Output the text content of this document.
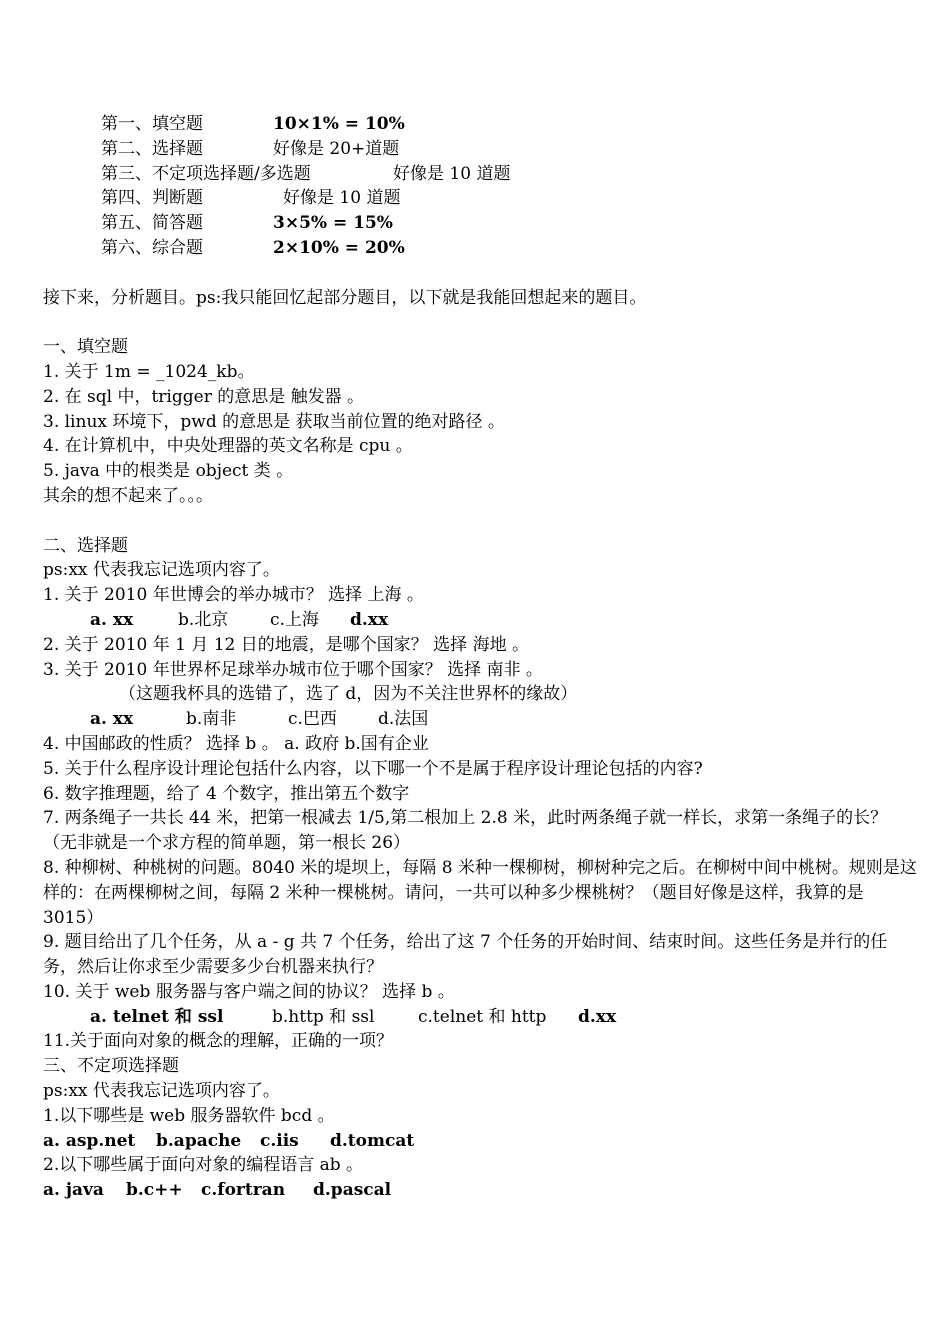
第一、填空题	10×1% = 10%
第二、选择题	好像是 20+道题
第三、不定项选择题/多选题	好像是 10 道题
第四、判断题	好像是 10 道题
第五、简答题	3×5% = 15%
第六、综合题	2×10% = 20%
接下来，分析题目。ps:我只能回忆起部分题目，以下就是我能回想起来的题目。
一、填空题
1. 关于 1m = _1024_kb。
2. 在 sql 中，trigger 的意思是 触发器 。
3. linux 环境下，pwd 的意思是 获取当前位置的绝对路径 。
4. 在计算机中，中央处理器的英文名称是 cpu 。
5. java 中的根类是 object 类 。
其余的想不起来了。。。
二、选择题
ps:xx 代表我忘记选项内容了。
1. 关于 2010 年世博会的举办城市？ 选择 上海 。
a. xx	b.北京 c.上海 d.xx
2. 关于 2010 年 1 月 12 日的地震，是哪个国家？ 选择 海地 。
3. 关于 2010 年世界杯足球举办城市位于哪个国家？ 选择 南非 。
（这题我杯具的选错了，选了 d，因为不关注世界杯的缘故）
a. xx	b.南非	c.巴西 d.法国
4. 中国邮政的性质？ 选择 b 。 a. 政府 b.国有企业
5. 关于什么程序设计理论包括什么内容，以下哪一个不是属于程序设计理论包括的内容?
6. 数字推理题，给了 4 个数字，推出第五个数字
7. 两条绳子一共长 44 米，把第一根减去 1/5,第二根加上 2.8 米，此时两条绳子就一样长，求第一条绳子的长？（无非就是一个求方程的简单题，第一根长 26）
8. 种柳树、种桃树的问题。8040 米的堤坝上，每隔 8 米种一棵柳树，柳树种完之后。在柳树中间中桃树。规则是这样的：在两棵柳树之间，每隔 2 米种一棵桃树。请问，一共可以种多少棵桃树？（题目好像是这样，我算的是 3015）
9. 题目给出了几个任务，从 a - g 共 7 个任务，给出了这 7 个任务的开始时间、结束时间。这些任务是并行的任务，然后让你求至少需要多少台机器来执行？
10. 关于 web 服务器与客户端之间的协议？ 选择 b 。
a. telnet 和 ssl	b.http 和 ssl	c.telnet 和 http d.xx
11.关于面向对象的概念的理解，正确的一项？
三、不定项选择题
ps:xx 代表我忘记选项内容了。
1.以下哪些是 web 服务器软件 bcd 。
a. asp.net b.apache c.iis d.tomcat
2.以下哪些属于面向对象的编程语言 ab 。
a. java b.c++ c.fortran d.pascal
